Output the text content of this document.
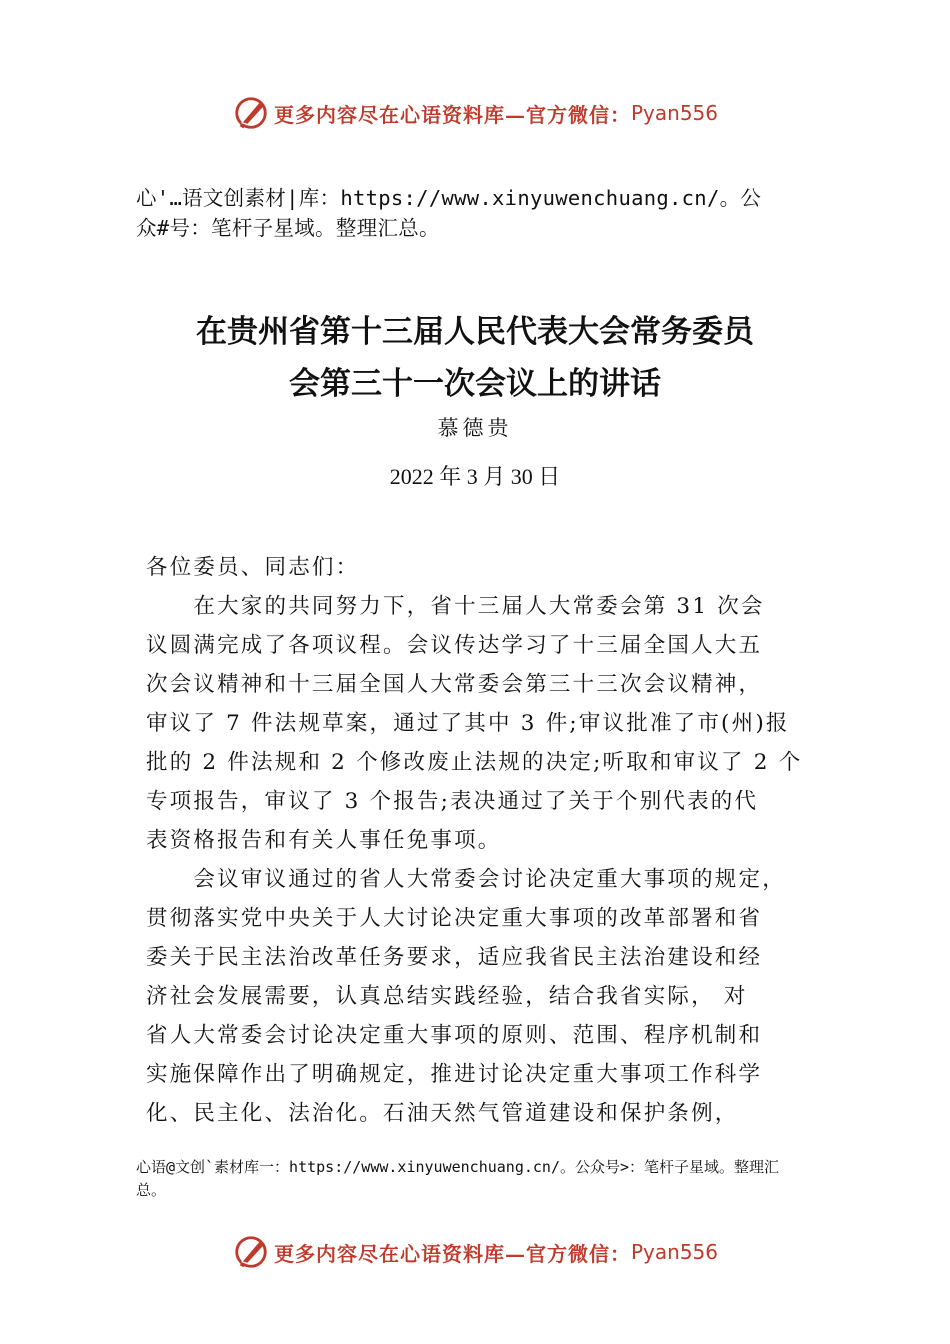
更多内容尽在心语资料库—官方微信： Pyan556
心'…语文创素材|库：https://www.xinyuwenchuang.cn/。公
众#号：笔杆子星域。整理汇总。
在贵州省第十三届人民代表大会常务委员
会第三十一次会议上的讲话
慕德贵
2022 年 3 月 30 日

各位委员、同志们：

　　在大家的共同努力下，省十三届人大常委会第 31 次会
议圆满完成了各项议程。会议传达学习了十三届全国人大五
次会议精神和十三届全国人大常委会第三十三次会议精神，
审议了 7 件法规草案，通过了其中 3 件;审议批准了市(州)报
批的 2 件法规和 2 个修改废止法规的决定;听取和审议了 2 个
专项报告，审议了 3 个报告;表决通过了关于个别代表的代
表资格报告和有关人事任免事项。

　　会议审议通过的省人大常委会讨论决定重大事项的规定，
贯彻落实党中央关于人大讨论决定重大事项的改革部署和省
委关于民主法治改革任务要求，适应我省民主法治建设和经
济社会发展需要，认真总结实践经验，结合我省实际， 对
省人大常委会讨论决定重大事项的原则、范围、程序机制和
实施保障作出了明确规定，推进讨论决定重大事项工作科学
化、民主化、法治化。石油天然气管道建设和保护条例，

心语@文创`素材库一：https://www.xinyuwenchuang.cn/。公众号>：笔杆子星域。整理汇
总。
更多内容尽在心语资料库—官方微信： Pyan556
